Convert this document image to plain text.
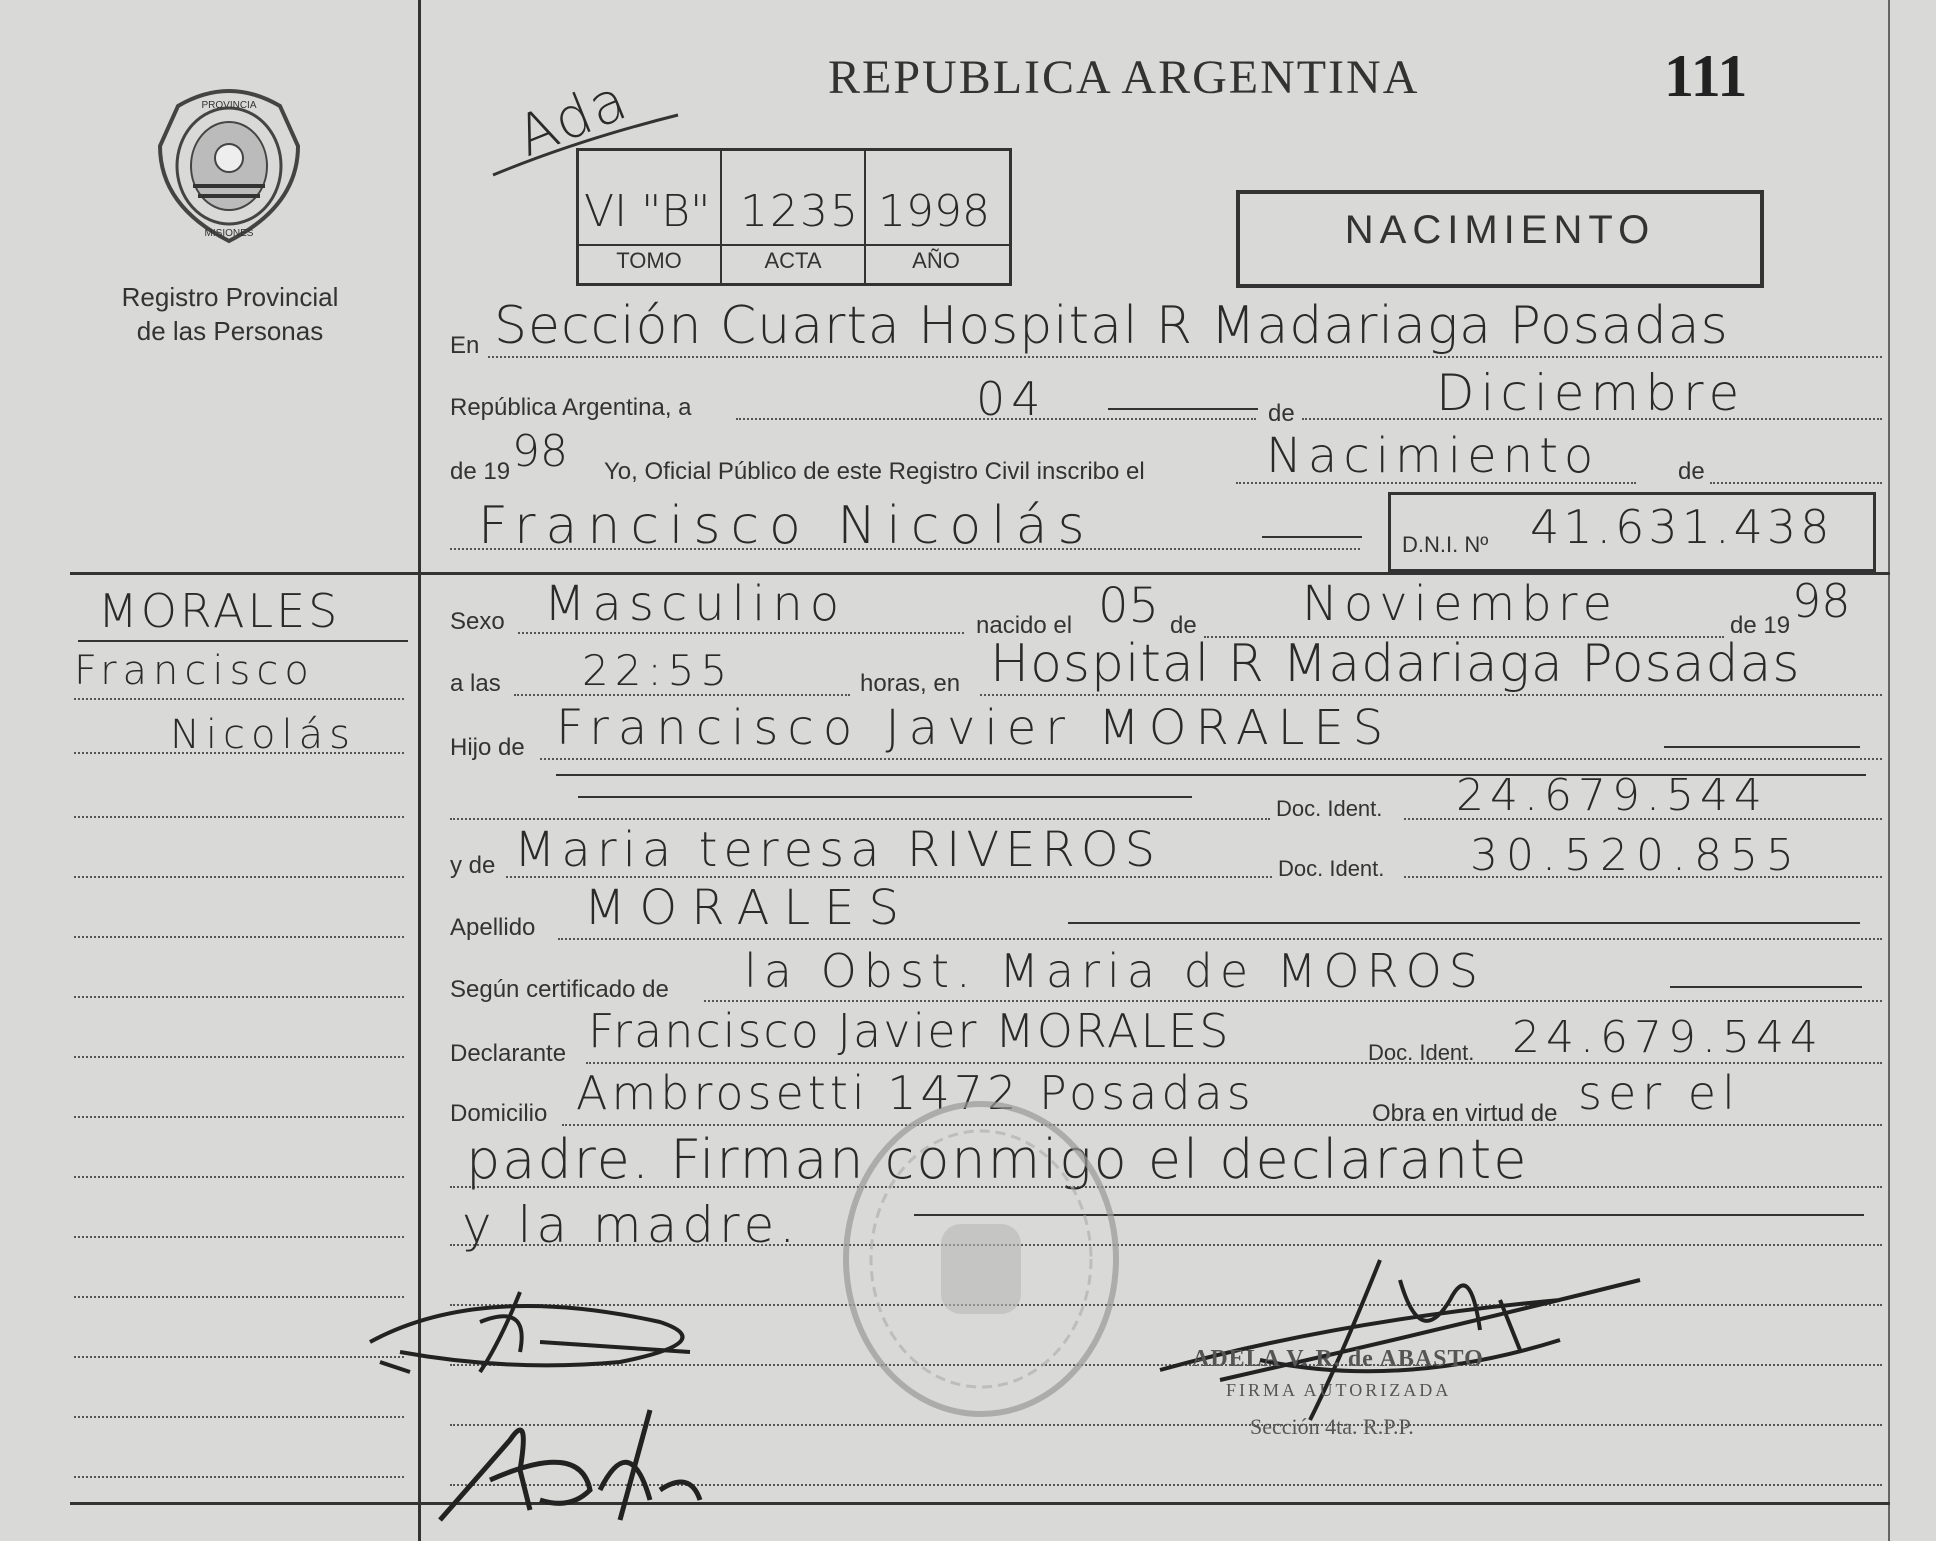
PROVINCIA
MISIONES
Registro Provincial
de las Personas
MORALES
Francisco
Nicolás
REPUBLICA ARGENTINA	111
Ada
VI "B" 1235 1998
TOMO	ACTA	AÑO
NACIMIENTO
En Sección Cuarta Hospital R Madariaga Posadas
República Argentina, a	04	de	Diciembre
de 19 98 Yo, Oficial Público de este Registro Civil inscribo el	Nacimiento	de
Francisco Nicolás	D.N.I. Nº 41.631.438
Sexo Masculino	nacido el 05 de Noviembre	de 19 98
a las 22:55	horas, en Hospital R Madariaga Posadas
Hijo de Francisco Javier MORALES
Doc. Ident. 24.679.544
y de Maria teresa RIVEROS	Doc. Ident. 30.520.855
Apellido MORALES
Según certificado de la Obst. Maria de MOROS
Declarante Francisco Javier MORALES	Doc. Ident. 24.679.544
Domicilio Ambrosetti 1472 Posadas	Obra en virtud de ser el
padre. Firman conmigo el declarante
y la madre.
ADELA V. R. de ABASTO
FIRMA AUTORIZADA
Sección 4ta. R.P.P.
